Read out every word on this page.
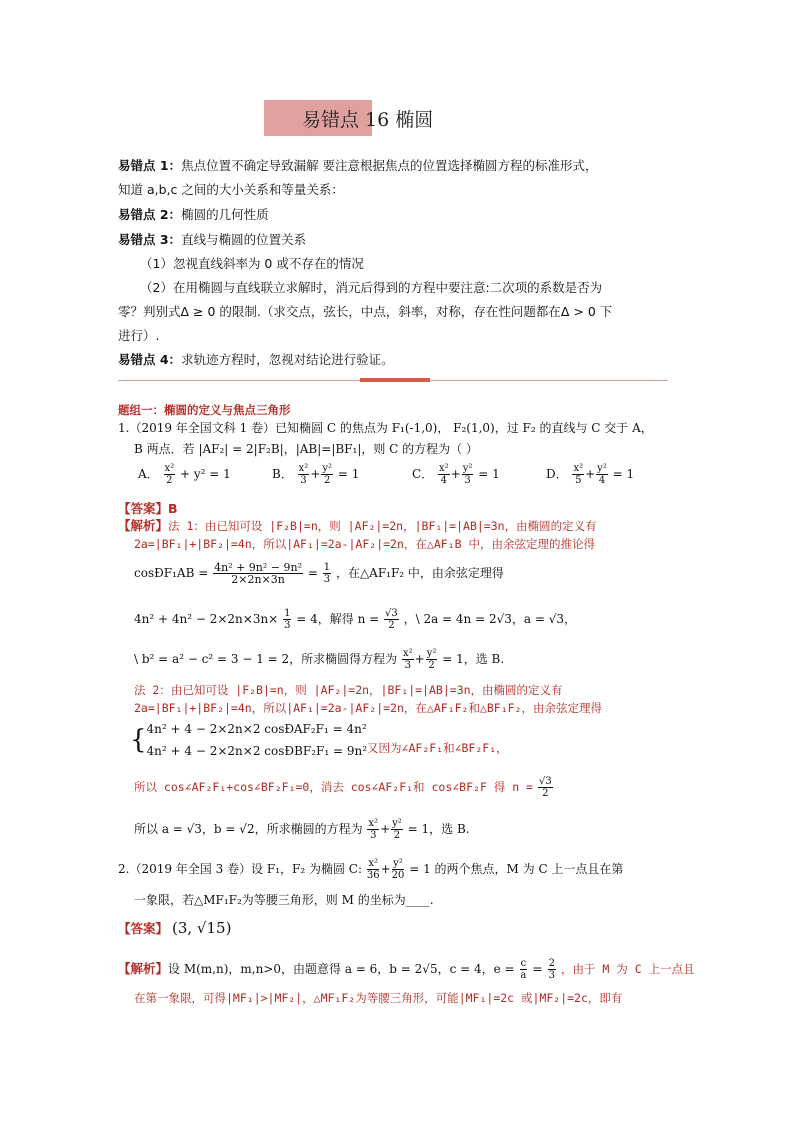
易错点 16 椭圆
易错点 1：焦点位置不确定导致漏解 要注意根据焦点的位置选择椭圆方程的标准形式，
知道 a,b,c 之间的大小关系和等量关系：
易错点 2：椭圆的几何性质
易错点 3：直线与椭圆的位置关系
（1）忽视直线斜率为 0 或不存在的情况
（2）在用椭圆与直线联立求解时，消元后得到的方程中要注意:二次项的系数是否为
零？判别式Δ ≥ 0 的限制.（求交点，弦长，中点，斜率，对称，存在性问题都在Δ > 0 下
进行）.
易错点 4：求轨迹方程时，忽视对结论进行验证。
题组一：椭圆的定义与焦点三角形
1.（2019 年全国文科 1 卷）已知椭圆 C 的焦点为 F₁(-1,0)， F₂(1,0)，过 F₂ 的直线与 C 交于 A，
B 两点．若 |AF₂| = 2|F₂B|，|AB|=|BF₁|，则 C 的方程为（ ）
A． $\frac{\text{x²}}{2} + y^2 = 1$	B． $\frac{\text{x²}}{3} + \frac{\text{y²}}{2} = 1$	C． $\frac{\text{x²}}{4} + \frac{\text{y²}}{3} = 1$	D． $\frac{\text{x²}}{5} + \frac{\text{y²}}{4} = 1$
【答案】B
【解析】法 1：由已知可设 |F₂B|=n，则 |AF₂|=2n，|BF₁|=|AB|=3n，由椭圆的定义有
2a=|BF₁|+|BF₂|=4n，所以|AF₁|=2a-|AF₂|=2n，在△AF₁B 中，由余弦定理的推论得
cosÐF₁AB = $\frac{\text{4n² + 9n² − 9n²}}{2\times 2n\times 3n} = \frac{1}{3}$ ，在△AF₁F₂ 中，由余弦定理得
$4n^2 + 4n^2 - 2\times 2n\times 3n\times \frac{1}{3} = 4$，解得 $n = \frac{√3}{2}$ ，\ 2a = 4n = 2√3，a = √3，
\ b² = a² − c² = 3 − 1 = 2，所求椭圆得方程为 $\frac{\text{x²}}{3} + \frac{\text{y²}}{2} = 1$，选 B.
法 2：由已知可设 |F₂B|=n，则 |AF₂|=2n，|BF₁|=|AB|=3n，由椭圆的定义有
2a=|BF₁|+|BF₂|=4n，所以|AF₁|=2a-|AF₂|=2n，在△AF₁F₂和△BF₁F₂，由余弦定理得
{ 4n² + 4 − 2×2n×2 cosÐAF₂F₁ = 4n²
4n² + 4 − 2×2n×2 cosÐBF₂F₁ = 9n² 又因为∠AF₂F₁和∠BF₂F₁，
所以 cos∠AF₂F₁+cos∠BF₂F₁=0，消去 cos∠AF₂F₁和 cos∠BF₂F 得 $n = \frac{√3}{2}$
所以 a = √3，b = √2，所求椭圆的方程为 $\frac{\text{x²}}{3} + \frac{\text{y²}}{2} = 1$，选 B.
2.（2019 年全国 3 卷）设 F₁，F₂ 为椭圆 C: $\frac{\text{x²}}{36} + \frac{\text{y²}}{20} = 1$ 的两个焦点，M 为 C 上一点且在第
一象限，若△MF₁F₂为等腰三角形，则 M 的坐标为____.
【答案】 (3, √15)
【解析】设 M(m,n)，m,n>0，由题意得 a = 6，b = 2√5，c = 4，$e = \frac{c}{a} = \frac{2}{3}$ ，由于 M 为 C 上一点且
在第一象限，可得|MF₁|>|MF₂|，△MF₁F₂为等腰三角形，可能|MF₁|=2c 或|MF₂|=2c，即有
